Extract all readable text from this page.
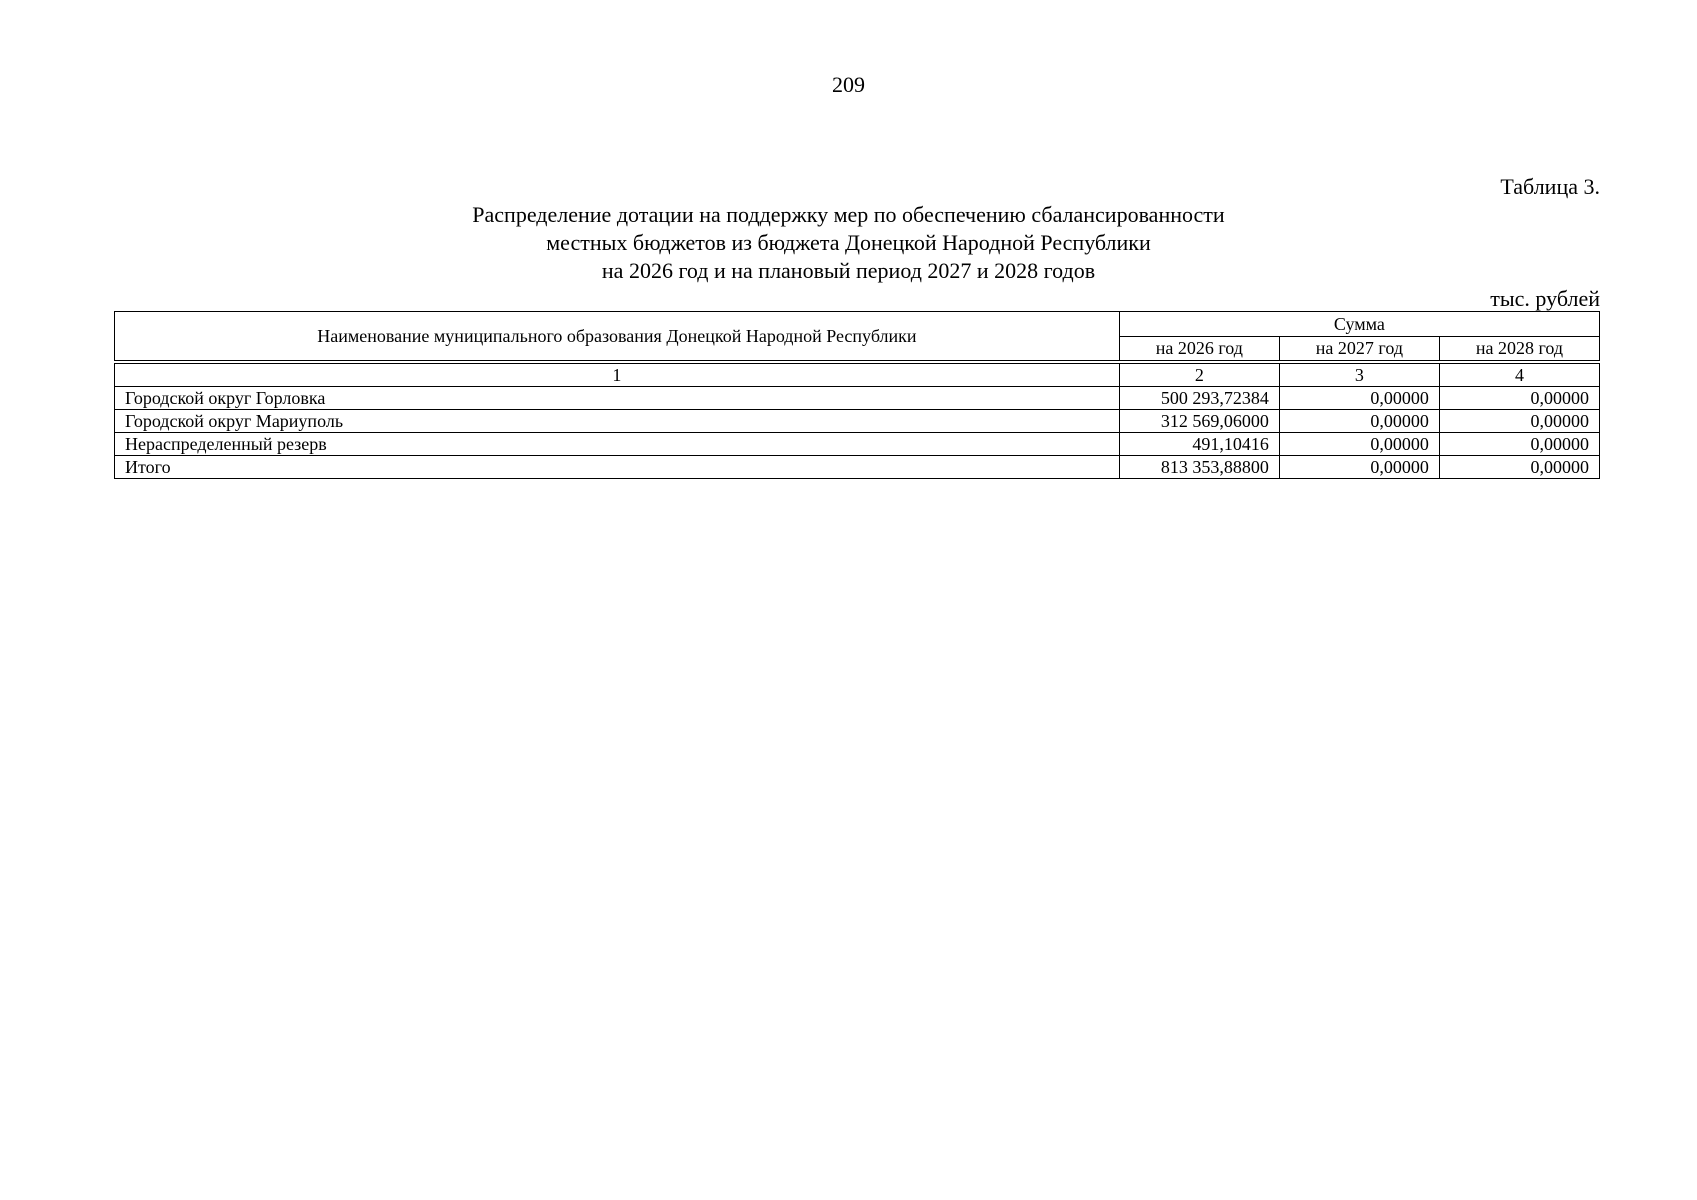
209
Таблица 3.
Распределение дотации на поддержку мер по обеспечению сбалансированности
местных бюджетов из бюджета Донецкой Народной Республики
на 2026 год и на плановый период 2027 и 2028 годов
тыс. рублей
Наименование муниципального образования Донецкой Народной Республики	Сумма		
	на 2026 год	на 2027 год	на 2028 год

1	2	3	4
Городской округ Горловка	500 293,72384	0,00000	0,00000
Городской округ Мариуполь	312 569,06000	0,00000	0,00000
Нераспределенный резерв	491,10416	0,00000	0,00000
Итого	813 353,88800	0,00000	0,00000
